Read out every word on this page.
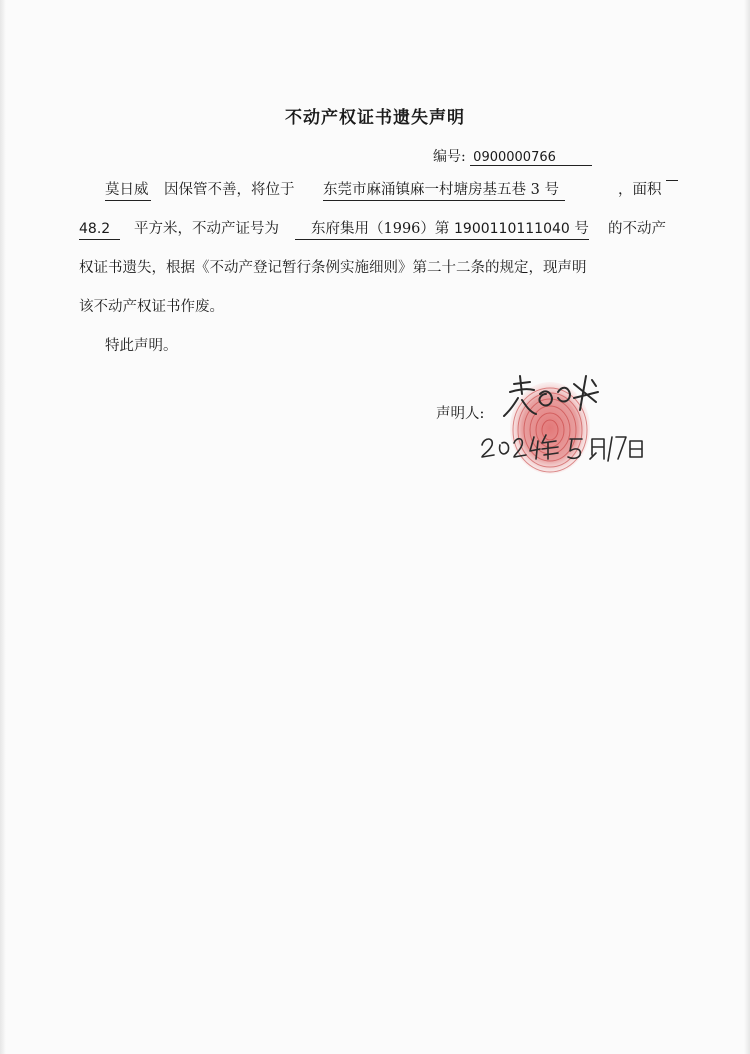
不动产权证书遗失声明
编号: 0900000766
莫日威 因保管不善，将位于 东莞市麻涌镇麻一村塘房基五巷 3 号	，面积
48.2	平方米，不动产证号为	东府集用（1996）第 1900110111040 号 的不动产
权证书遗失，根据《不动产登记暂行条例实施细则》第二十二条的规定，现声明
该不动产权证书作废。
特此声明。
声明人:
